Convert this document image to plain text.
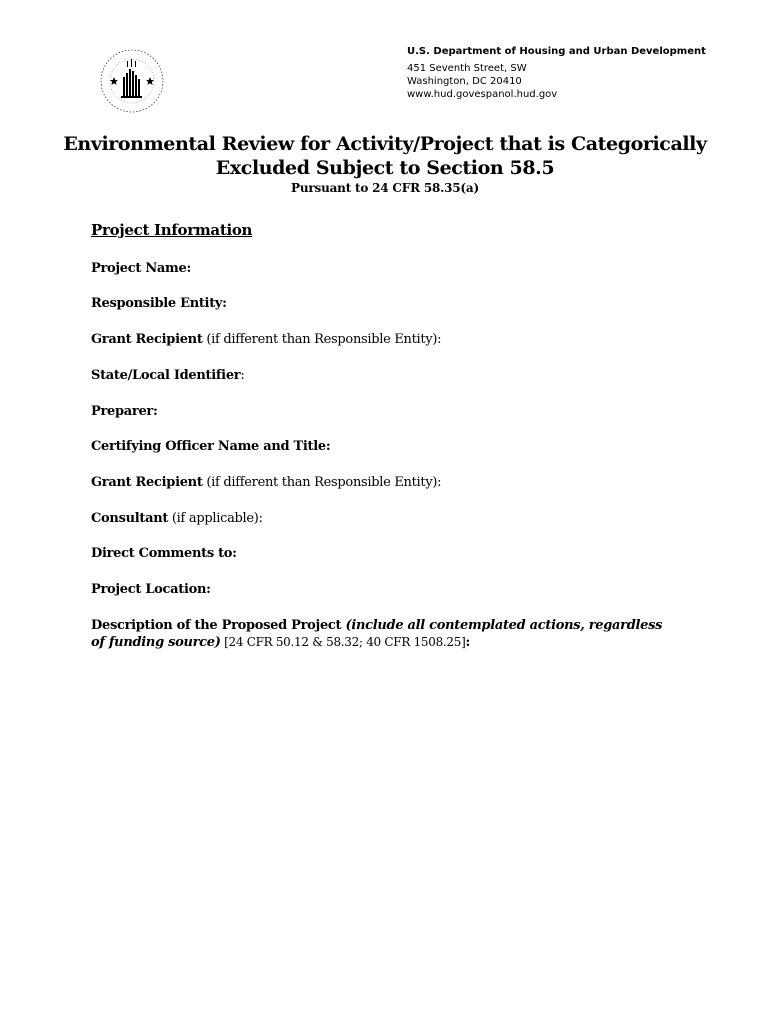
U.S. Department of Housing and Urban Development
451 Seventh Street, SW
Washington, DC 20410
www.hud.govespanol.hud.gov
Environmental Review for Activity/Project that is Categorically
Excluded Subject to Section 58.5
Pursuant to 24 CFR 58.35(a)
Project Information
Project Name:
Responsible Entity:
Grant Recipient (if different than Responsible Entity):
State/Local Identifier:
Preparer:
Certifying Officer Name and Title:
Grant Recipient (if different than Responsible Entity):
Consultant (if applicable):
Direct Comments to:
Project Location:
Description of the Proposed Project (include all contemplated actions, regardless of funding source) [24 CFR 50.12 & 58.32; 40 CFR 1508.25]:
